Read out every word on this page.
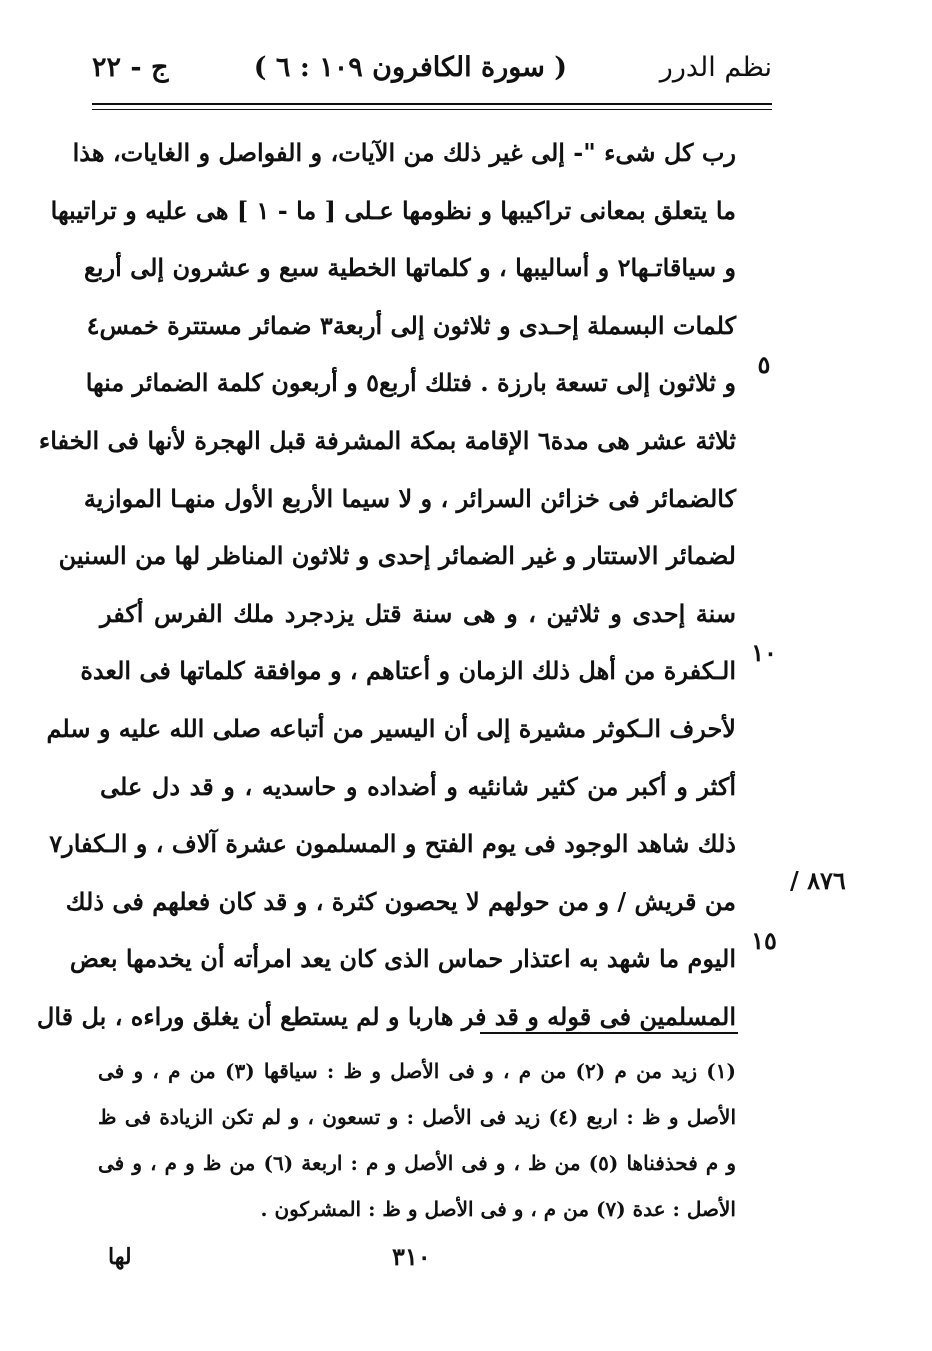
نظم الدرر
( سورة الكافرون ١٠٩ : ٦ )
ج - ٢٢
رب كل شىء "- إلى غير ذلك من الآيات، و الفواصل و الغايات، هذا
ما يتعلق بمعانى تراكيبها و نظومها عـلى [ ما - ١ ] هى عليه و تراتيبها
و سياقاتـها٢ و أساليبها ، و كلماتها الخطية سبع و عشرون إلى أربع
كلمات البسملة إحـدى و ثلاثون إلى أربعة٣ ضمائر مستترة خمس٤
و ثلاثون إلى تسعة بارزة . فتلك أربع٥ و أربعون كلمة الضمائر منها
ثلاثة عشر هى مدة٦ الإقامة بمكة المشرفة قبل الهجرة لأنها فى الخفاء
كالضمائر فى خزائن السرائر ، و لا سيما الأربع الأول منهـا الموازية
لضمائر الاستتار و غير الضمائر إحدى و ثلاثون المناظر لها من السنين
سنة إحدى و ثلاثين ، و هى سنة قتل يزدجرد ملك الفرس أكفر
الـكفرة من أهل ذلك الزمان و أعتاهم ، و موافقة كلماتها فى العدة
لأحرف الـكوثر مشيرة إلى أن اليسير من أتباعه صلى الله عليه و سلم
أكثر و أكبر من كثير شانئيه و أضداده و حاسديه ، و قد دل على
ذلك شاهد الوجود فى يوم الفتح و المسلمون عشرة آلاف ، و الـكفار٧
من قريش / و من حولهم لا يحصون كثرة ، و قد كان فعلهم فى ذلك
اليوم ما شهد به اعتذار حماس الذى كان يعد امرأته أن يخدمها بعض
المسلمين فى قوله و قد فر هاربا و لم يستطع أن يغلق وراءه ، بل قال
٥
١٠
١٥
٨٧٦ /
(١) زيد من م (٢) من م ، و فى الأصل و ظ : سياقها (٣) من م ، و فى
الأصل و ظ : اربع (٤) زيد فى الأصل : و تسعون ، و لم تكن الزيادة فى ظ
و م فحذفناها (٥) من ظ ، و فى الأصل و م : اربعة (٦) من ظ و م ، و فى
الأصل : عدة (٧) من م ، و فى الأصل و ظ : المشركون .
٣١٠
لها
